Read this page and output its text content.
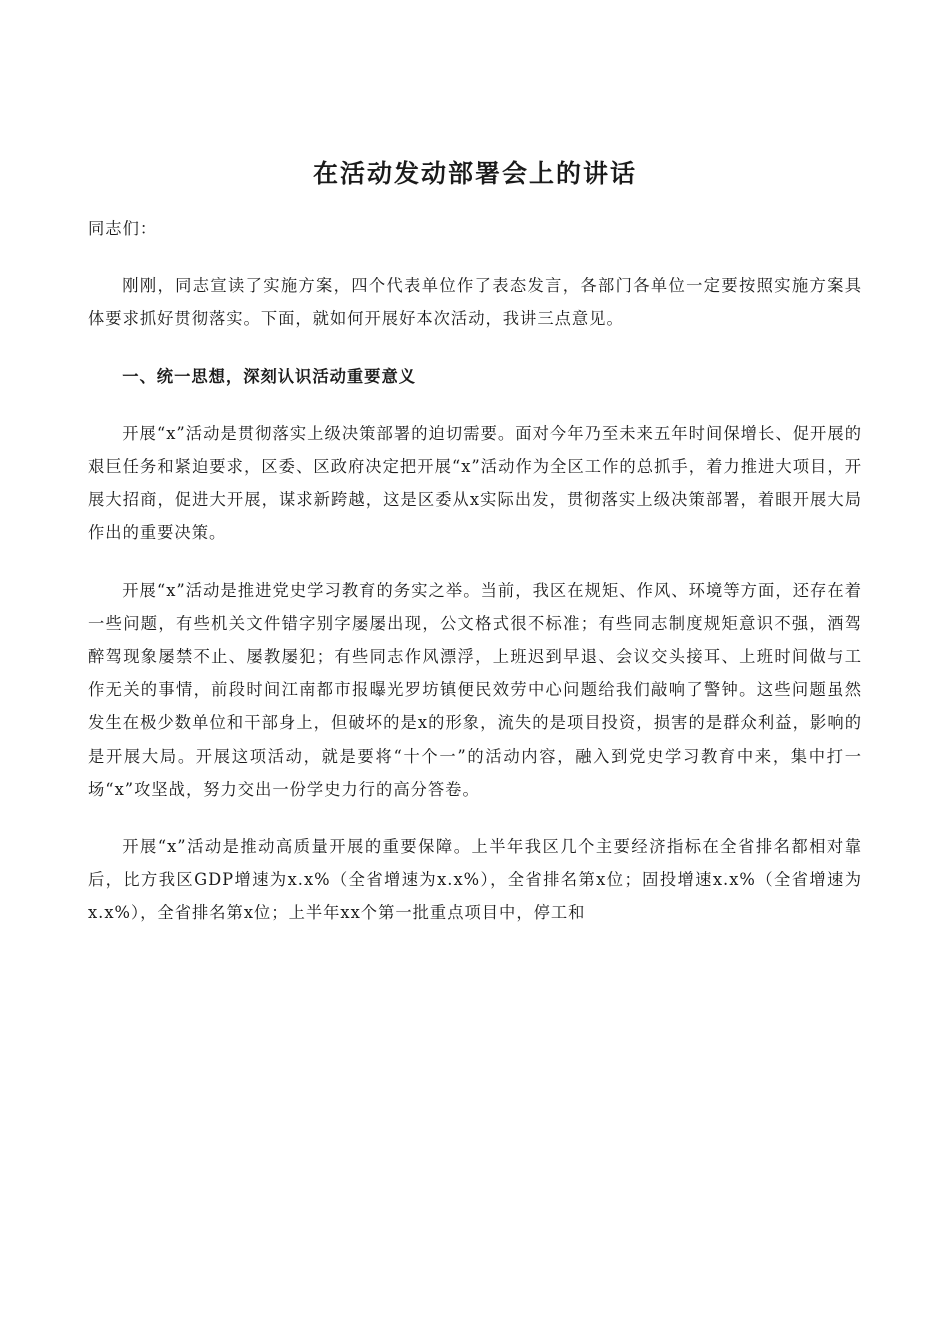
在活动发动部署会上的讲话

同志们：

刚刚，同志宣读了实施方案，四个代表单位作了表态发言，各部门各单位一定要按照实施方案具体要求抓好贯彻落实。下面，就如何开展好本次活动，我讲三点意见。

一、统一思想，深刻认识活动重要意义

开展“x”活动是贯彻落实上级决策部署的迫切需要。面对今年乃至未来五年时间保增长、促开展的艰巨任务和紧迫要求，区委、区政府决定把开展“x”活动作为全区工作的总抓手，着力推进大项目，开展大招商，促进大开展，谋求新跨越，这是区委从x实际出发，贯彻落实上级决策部署，着眼开展大局作出的重要决策。

开展“x”活动是推进党史学习教育的务实之举。当前，我区在规矩、作风、环境等方面，还存在着一些问题，有些机关文件错字别字屡屡出现，公文格式很不标准；有些同志制度规矩意识不强，酒驾醉驾现象屡禁不止、屡教屡犯；有些同志作风漂浮，上班迟到早退、会议交头接耳、上班时间做与工作无关的事情，前段时间江南都市报曝光罗坊镇便民效劳中心问题给我们敲响了警钟。这些问题虽然发生在极少数单位和干部身上，但破坏的是x的形象，流失的是项目投资，损害的是群众利益，影响的是开展大局。开展这项活动，就是要将“十个一”的活动内容，融入到党史学习教育中来，集中打一场“x”攻坚战，努力交出一份学史力行的高分答卷。

开展“x”活动是推动高质量开展的重要保障。上半年我区几个主要经济指标在全省排名都相对靠后，比方我区GDP增速为x.x%（全省增速为x.x%），全省排名第x位；固投增速x.x%（全省增速为x.x%），全省排名第x位；上半年xx个第一批重点项目中，停工和
